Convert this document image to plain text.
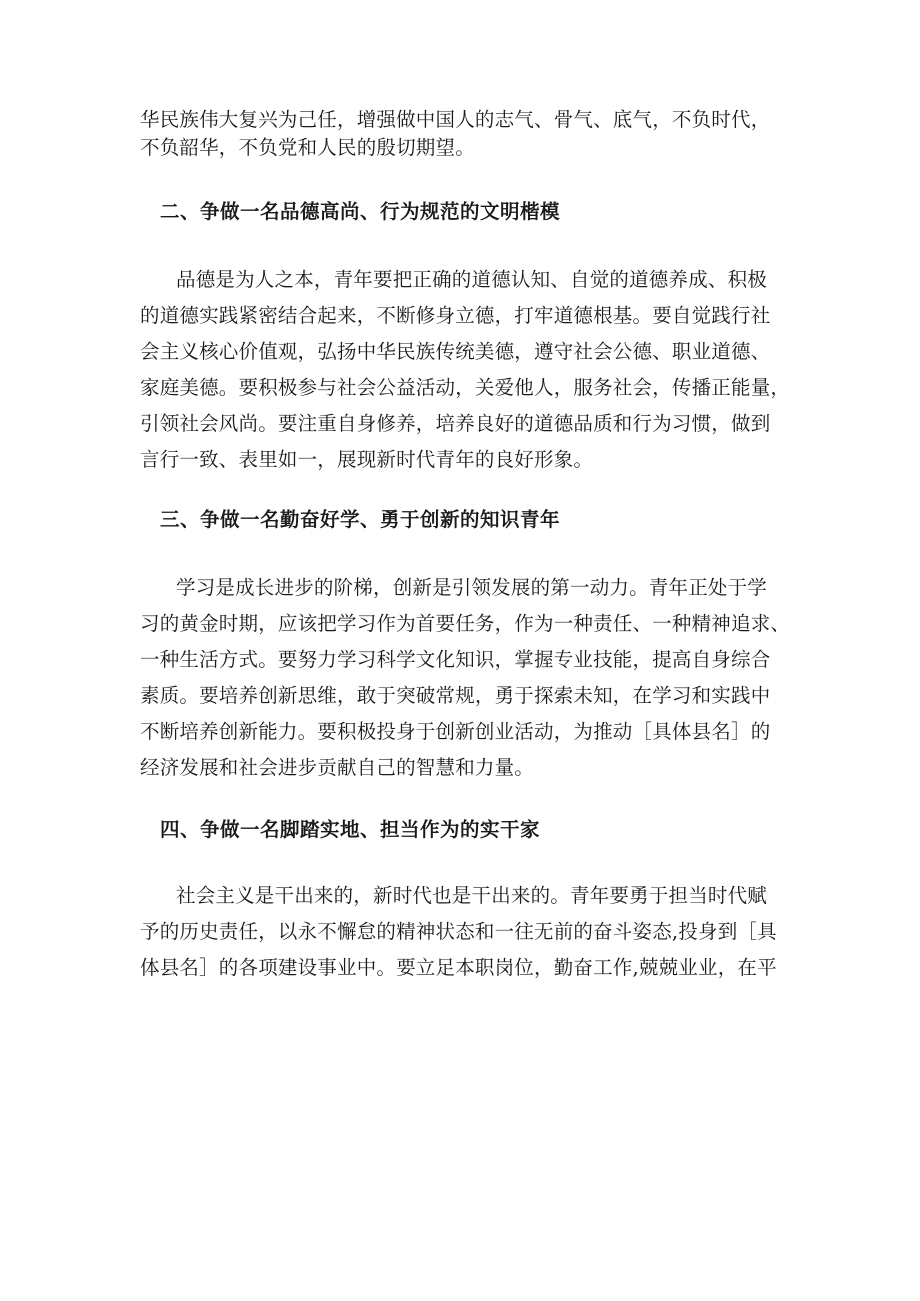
华民族伟大复兴为己任，增强做中国人的志气、骨气、底气，不负时代，
不负韶华，不负党和人民的殷切期望。
二、争做一名品德高尚、行为规范的文明楷模
品德是为人之本，青年要把正确的道德认知、自觉的道德养成、积极
的道德实践紧密结合起来，不断修身立德，打牢道德根基。要自觉践行社
会主义核心价值观，弘扬中华民族传统美德，遵守社会公德、职业道德、
家庭美德。要积极参与社会公益活动，关爱他人，服务社会，传播正能量，
引领社会风尚。要注重自身修养，培养良好的道德品质和行为习惯，做到
言行一致、表里如一，展现新时代青年的良好形象。
三、争做一名勤奋好学、勇于创新的知识青年
学习是成长进步的阶梯，创新是引领发展的第一动力。青年正处于学
习的黄金时期，应该把学习作为首要任务，作为一种责任、一种精神追求、
一种生活方式。要努力学习科学文化知识，掌握专业技能，提高自身综合
素质。要培养创新思维，敢于突破常规，勇于探索未知，在学习和实践中
不断培养创新能力。要积极投身于创新创业活动，为推动［具体县名］的
经济发展和社会进步贡献自己的智慧和力量。
四、争做一名脚踏实地、担当作为的实干家
社会主义是干出来的，新时代也是干出来的。青年要勇于担当时代赋
予的历史责任，以永不懈怠的精神状态和一往无前的奋斗姿态,投身到［具
体县名］的各项建设事业中。要立足本职岗位，勤奋工作,兢兢业业，在平
